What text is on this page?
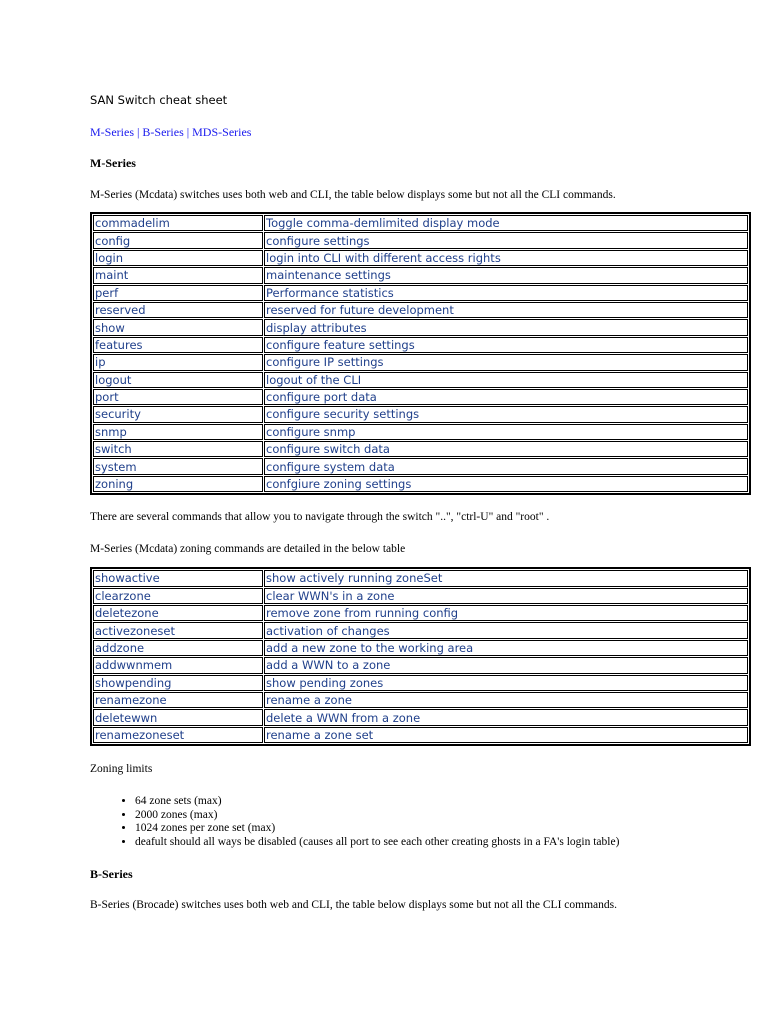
SAN Switch cheat sheet

M-Series | B-Series | MDS-Series

M-Series

M-Series (Mcdata) switches uses both web and CLI, the table below displays some but not all the CLI commands.

commadelim	Toggle comma-demlimited display mode
config	configure settings
login	login into CLI with different access rights
maint	maintenance settings
perf	Performance statistics
reserved	reserved for future development
show	display attributes
features	configure feature settings
ip	configure IP settings
logout	logout of the CLI
port	configure port data
security	configure security settings
snmp	configure snmp
switch	configure switch data
system	configure system data
zoning	confgiure zoning settings

There are several commands that allow you to navigate through the switch "..", "ctrl-U" and "root" .

M-Series (Mcdata) zoning commands are detailed in the below table

showactive	show actively running zoneSet
clearzone	clear WWN's in a zone
deletezone	remove zone from running config
activezoneset	activation of changes
addzone	add a new zone to the working area
addwwnmem	add a WWN to a zone
showpending	show pending zones
renamezone	rename a zone
deletewwn	delete a WWN from a zone
renamezoneset	rename a zone set

Zoning limits

• 64 zone sets (max)
• 2000 zones (max)
• 1024 zones per zone set (max)
• deafult should all ways be disabled (causes all port to see each other creating ghosts in a FA's login table)

B-Series

B-Series (Brocade) switches uses both web and CLI, the table below displays some but not all the CLI commands.
